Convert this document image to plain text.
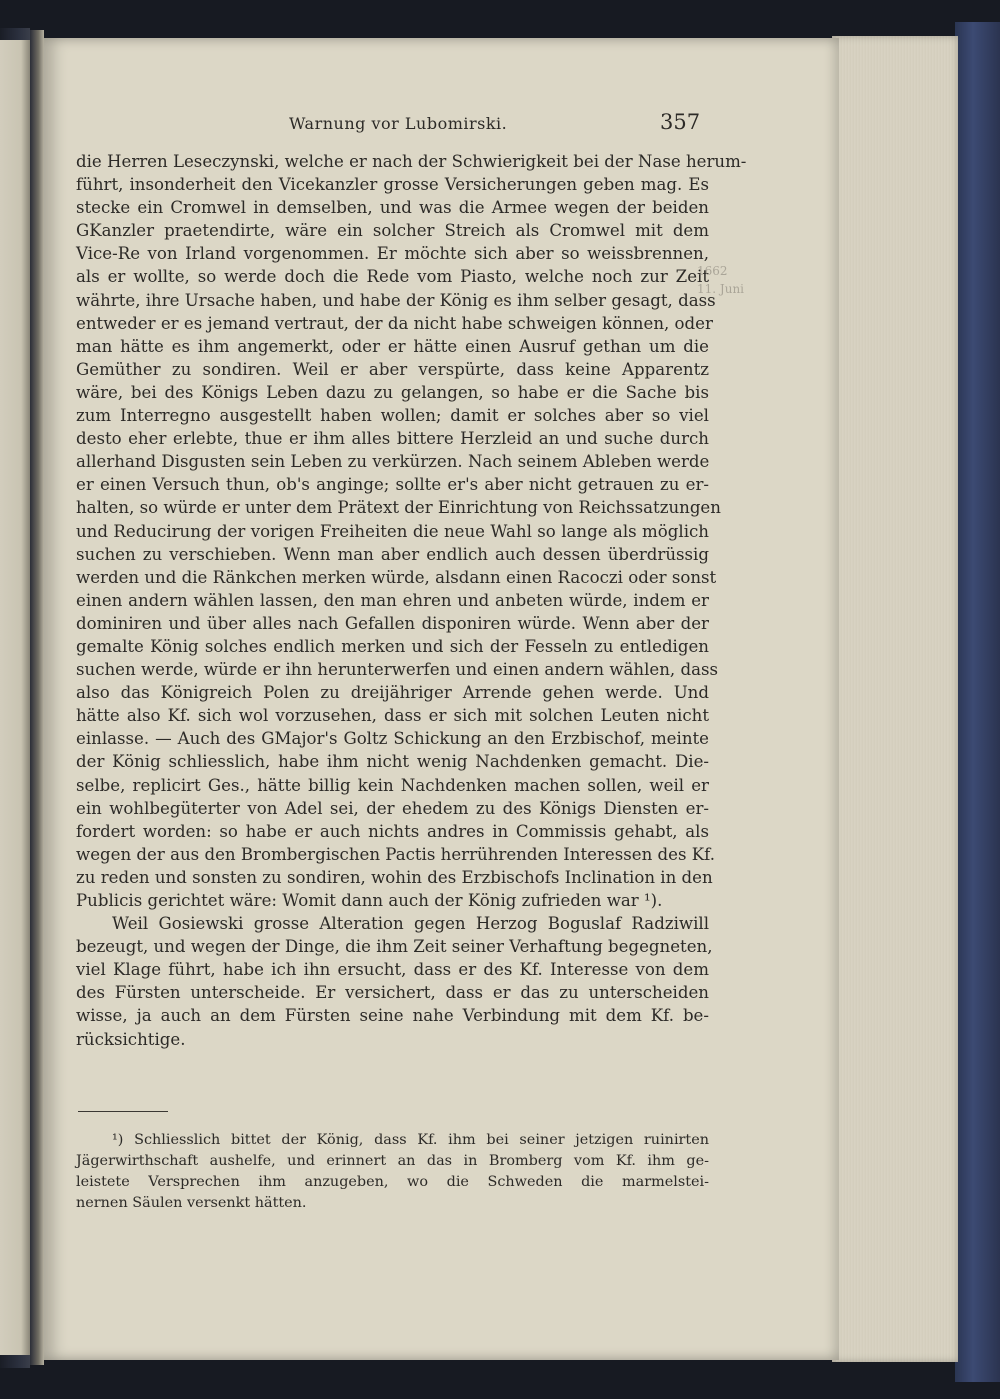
Warnung vor Lubomirski.	357
die Herren Leseczynski, welche er nach der Schwierigkeit bei der Nase herum-
führt, insonderheit den Vicekanzler grosse Versicherungen geben mag. Es
stecke ein Cromwel in demselben, und was die Armee wegen der beiden
GKanzler praetendirte, wäre ein solcher Streich als Cromwel mit dem
Vice-Re von Irland vorgenommen. Er möchte sich aber so weissbrennen,
als er wollte, so werde doch die Rede vom Piasto, welche noch zur Zeit
währte, ihre Ursache haben, und habe der König es ihm selber gesagt, dass
entweder er es jemand vertraut, der da nicht habe schweigen können, oder
man hätte es ihm angemerkt, oder er hätte einen Ausruf gethan um die
Gemüther zu sondiren. Weil er aber verspürte, dass keine Apparentz
wäre, bei des Königs Leben dazu zu gelangen, so habe er die Sache bis
zum Interregno ausgestellt haben wollen; damit er solches aber so viel
desto eher erlebte, thue er ihm alles bittere Herzleid an und suche durch
allerhand Disgusten sein Leben zu verkürzen. Nach seinem Ableben werde
er einen Versuch thun, ob's anginge; sollte er's aber nicht getrauen zu er-
halten, so würde er unter dem Prätext der Einrichtung von Reichssatzungen
und Reducirung der vorigen Freiheiten die neue Wahl so lange als möglich
suchen zu verschieben. Wenn man aber endlich auch dessen überdrüssig
werden und die Ränkchen merken würde, alsdann einen Racoczi oder sonst
einen andern wählen lassen, den man ehren und anbeten würde, indem er
dominiren und über alles nach Gefallen disponiren würde. Wenn aber der
gemalte König solches endlich merken und sich der Fesseln zu entledigen
suchen werde, würde er ihn herunterwerfen und einen andern wählen, dass
also das Königreich Polen zu dreijähriger Arrende gehen werde. Und
hätte also Kf. sich wol vorzusehen, dass er sich mit solchen Leuten nicht
einlasse. — Auch des GMajor's Goltz Schickung an den Erzbischof, meinte
der König schliesslich, habe ihm nicht wenig Nachdenken gemacht. Die-
selbe, replicirt Ges., hätte billig kein Nachdenken machen sollen, weil er
ein wohlbegüterter von Adel sei, der ehedem zu des Königs Diensten er-
fordert worden: so habe er auch nichts andres in Commissis gehabt, als
wegen der aus den Brombergischen Pactis herrührenden Interessen des Kf.
zu reden und sonsten zu sondiren, wohin des Erzbischofs Inclination in den
Publicis gerichtet wäre: Womit dann auch der König zufrieden war ¹).
Weil Gosiewski grosse Alteration gegen Herzog Boguslaf Radziwill
bezeugt, und wegen der Dinge, die ihm Zeit seiner Verhaftung begegneten,
viel Klage führt, habe ich ihn ersucht, dass er des Kf. Interesse von dem
des Fürsten unterscheide. Er versichert, dass er das zu unterscheiden
wisse, ja auch an dem Fürsten seine nahe Verbindung mit dem Kf. be-
rücksichtige.
¹) Schliesslich bittet der König, dass Kf. ihm bei seiner jetzigen ruinirten
Jägerwirthschaft aushelfe, und erinnert an das in Bromberg vom Kf. ihm ge-
leistete Versprechen ihm anzugeben, wo die Schweden die marmelstei-
nernen Säulen versenkt hätten.
1662
11. Juni
